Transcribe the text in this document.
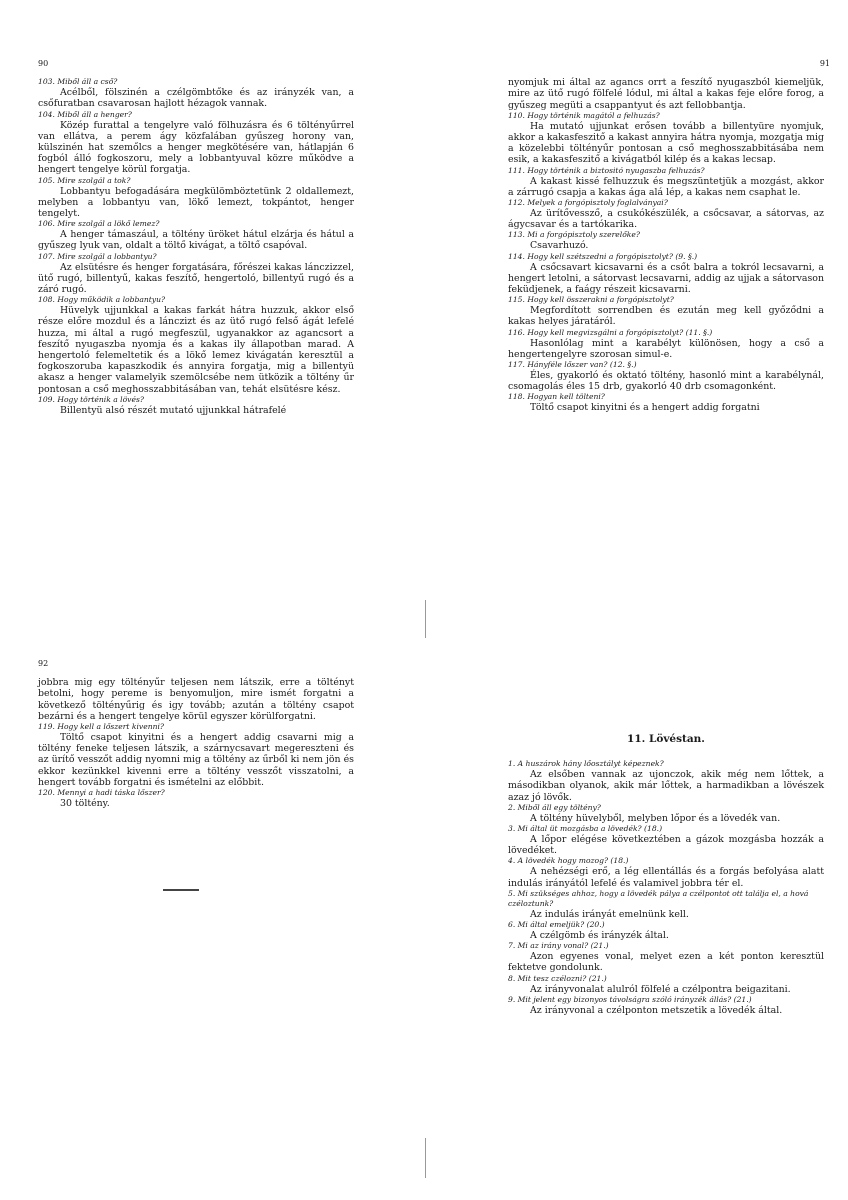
90
103. Miből áll a cső?
Acélből, fölszinén a czélgömbtőke és az irányzék van, a csőfuratban csavarosan hajlott hézagok vannak.
104. Miből áll a henger?
Közép furattal a tengelyre való fölhuzásra és 6 töltényűrrel van ellátva, a perem ágy közfalában gyűszeg horony van, külszinén hat szemőlcs a henger megkötésére van, hátlapján 6 fogból álló fogkoszoru, mely a lobbantyuval közre működve a hengert tengelye körül forgatja.
105. Mire szolgál a tok?
Lobbantyu befogadására megkülömböztetünk 2 oldallemezt, melyben a lobbantyu van, lökő lemezt, tokpántot, henger tengelyt.
106. Mire szolgál a lökő lemez?
A henger támaszául, a töltény üröket hátul elzárja és hátul a gyűszeg lyuk van, oldalt a töltő kivágat, a töltő csapóval.
107. Mire szolgál a lobbantyu?
Az elsütésre és henger forgatására, főrészei kakas lánczizzel, ütő rugó, billentyű, kakas feszítő, hengertoló, billentyű rugó és a záró rugó.
108. Hogy működik a lobbantyu?
Hüvelyk ujjunkkal a kakas farkát hátra huzzuk, akkor első része előre mozdul és a lánczizt és az ütő rugó felső ágát lefelé huzza, mi által a rugó megfeszül, ugyanakkor az agancsort a feszítő nyugaszba nyomja és a kakas ily állapotban marad. A hengertoló felemeltetik és a lökő lemez kivágatán keresztül a fogkoszoruba kapaszkodik és annyira forgatja, mig a billentyü akasz a henger valamelyik szemölcsébe nem ütközik a töltény űr pontosan a cső meghosszabbitásában van, tehát elsütésre kész.
109. Hogy történik a lövés?
Billentyü alsó részét mutató ujjunkkal hátrafelé
91
nyomjuk mi által az agancs orrt a feszítő nyugaszból kiemeljük, mire az ütő rugó fölfelé lódul, mi által a kakas feje előre forog, a gyűszeg megüti a csappantyut és azt fellobbantja.
110. Hogy történik magától a felhuzás?
Ha mutató ujjunkat erősen tovább a billentyüre nyomjuk, akkor a kakasfeszitő a kakast annyira hátra nyomja, mozgatja mig a közelebbi töltényűr pontosan a cső meghosszabbitásába nem esik, a kakasfeszitő a kivágatból kilép és a kakas lecsap.
111. Hogy történik a biztositó nyugaszba felhuzás?
A kakast kissé felhuzzuk és megszüntetjük a mozgást, akkor a zárrugó csapja a kakas ága alá lép, a kakas nem csaphat le.
112. Melyek a forgópisztoly foglalványai?
Az ürítővessző, a csukókészülék, a csőcsavar, a sátorvas, az ágycsavar és a tartókarika.
113. Mi a forgópisztoly szerelőke?
Csavarhuzó.
114. Hogy kell szétszedni a forgópisztolyt? (9. §.)
A csőcsavart kicsavarni és a csőt balra a tokról lecsavarni, a hengert letolni, a sátorvast lecsavarni, addig az ujjak a sátorvason feküdjenek, a faágy részeit kicsavarni.
115. Hogy kell összerakni a forgópisztolyt?
Megfordított sorrendben és ezután meg kell győződni a kakas helyes járatáról.
116. Hogy kell megvizsgálni a forgópisztolyt? (11. §.)
Hasonlólag mint a karabélyt különösen, hogy a cső a hengertengelyre szorosan simul-e.
117. Hányféle lőszer van? (12. §.)
Éles, gyakorló és oktató töltény, hasonló mint a karabélynál, csomagolás éles 15 drb, gyakorló 40 drb csomagonként.
118. Hogyan kell tölteni?
Töltő csapot kinyitni és a hengert addig forgatni
92
jobbra mig egy töltényűr teljesen nem látszik, erre a töltényt betolni, hogy pereme is benyomuljon, mire ismét forgatni a következő töltényűrig és igy tovább; azután a töltény csapot bezárni és a hengert tengelye körül egyszer körülforgatni.
119. Hogy kell a lőszert kivenni?
Töltő csapot kinyitni és a hengert addig csavarni mig a töltény feneke teljesen látszik, a szárnycsavart megereszteni és az ürítő vesszőt addig nyomni mig a töltény az űrből ki nem jön és ekkor kezünkkel kivenni erre a töltény vesszőt visszatolni, a hengert tovább forgatni és ismételni az előbbit.
120. Mennyi a hadi táska lőszer?
30 töltény.
11. Lövéstan.
1. A huszárok hány lőosztályt képeznek?
Az elsőben vannak az ujonczok, akik még nem lőttek, a másodikban olyanok, akik már lőttek, a harmadikban a lövészek azaz jó lövők.
2. Miből áll egy töltény?
A töltény hüvelyből, melyben lőpor és a lövedék van.
3. Mi által üt mozgásba a lövedék? (18.)
A lőpor elégése következtében a gázok mozgásba hozzák a lövedéket.
4. A lövedék hogy mozog? (18.)
A nehézségi erő, a lég ellentállás és a forgás befolyása alatt indulás irányától lefelé és valamivel jobbra tér el.
5. Mi szükséges ahhoz, hogy a lövedék pálya a czélpontot ott találja el, a hová czéloztunk?
Az indulás irányát emelnünk kell.
6. Mi által emeljük? (20.)
A czélgömb és irányzék által.
7. Mi az irány vonal? (21.)
Azon egyenes vonal, melyet ezen a két ponton keresztül fektetve gondolunk.
8. Mit tesz czélozni? (21.)
Az irányvonalat alulról fölfelé a czélpontra beigazitani.
9. Mit jelent egy bizonyos távolságra szóló irányzék állás? (21.)
Az irányvonal a czélponton metszetik a lövedék által.
